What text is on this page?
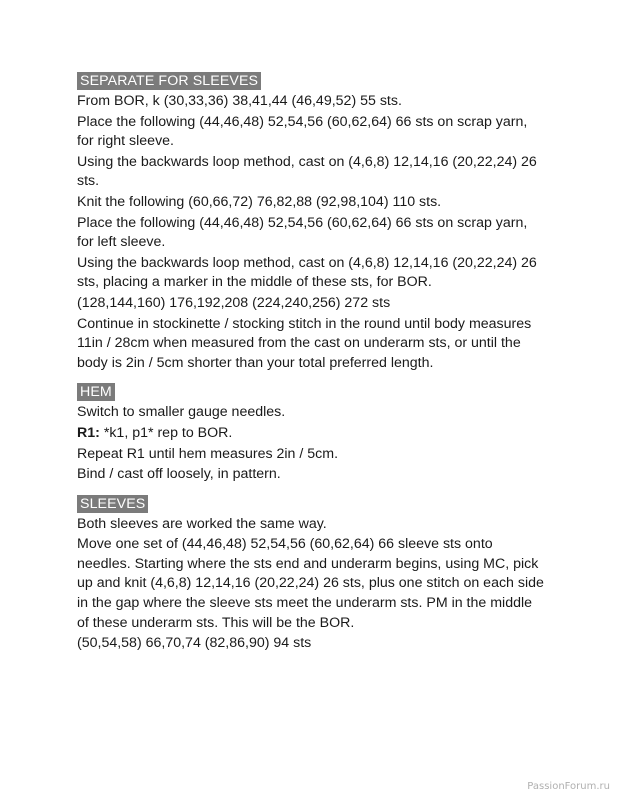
SEPARATE FOR SLEEVES

From BOR, k (30,33,36) 38,41,44 (46,49,52) 55 sts.

Place the following (44,46,48) 52,54,56 (60,62,64) 66 sts on scrap yarn, for right sleeve.

Using the backwards loop method, cast on (4,6,8) 12,14,16 (20,22,24) 26 sts.

Knit the following (60,66,72) 76,82,88 (92,98,104) 110 sts.

Place the following (44,46,48) 52,54,56 (60,62,64) 66 sts on scrap yarn, for left sleeve.

Using the backwards loop method, cast on (4,6,8) 12,14,16 (20,22,24) 26 sts, placing a marker in the middle of these sts, for BOR.

(128,144,160) 176,192,208 (224,240,256) 272 sts

Continue in stockinette / stocking stitch in the round until body measures 11in / 28cm when measured from the cast on underarm sts, or until the body is 2in / 5cm shorter than your total preferred length.

HEM

Switch to smaller gauge needles.

R1: *k1, p1* rep to BOR.

Repeat R1 until hem measures 2in / 5cm.

Bind / cast off loosely, in pattern.

SLEEVES

Both sleeves are worked the same way.

Move one set of (44,46,48) 52,54,56 (60,62,64) 66 sleeve sts onto needles. Starting where the sts end and underarm begins, using MC, pick up and knit (4,6,8) 12,14,16 (20,22,24) 26 sts, plus one stitch on each side in the gap where the sleeve sts meet the underarm sts. PM in the middle of these underarm sts. This will be the BOR.

(50,54,58) 66,70,74 (82,86,90) 94 sts

PassionForum.ru
